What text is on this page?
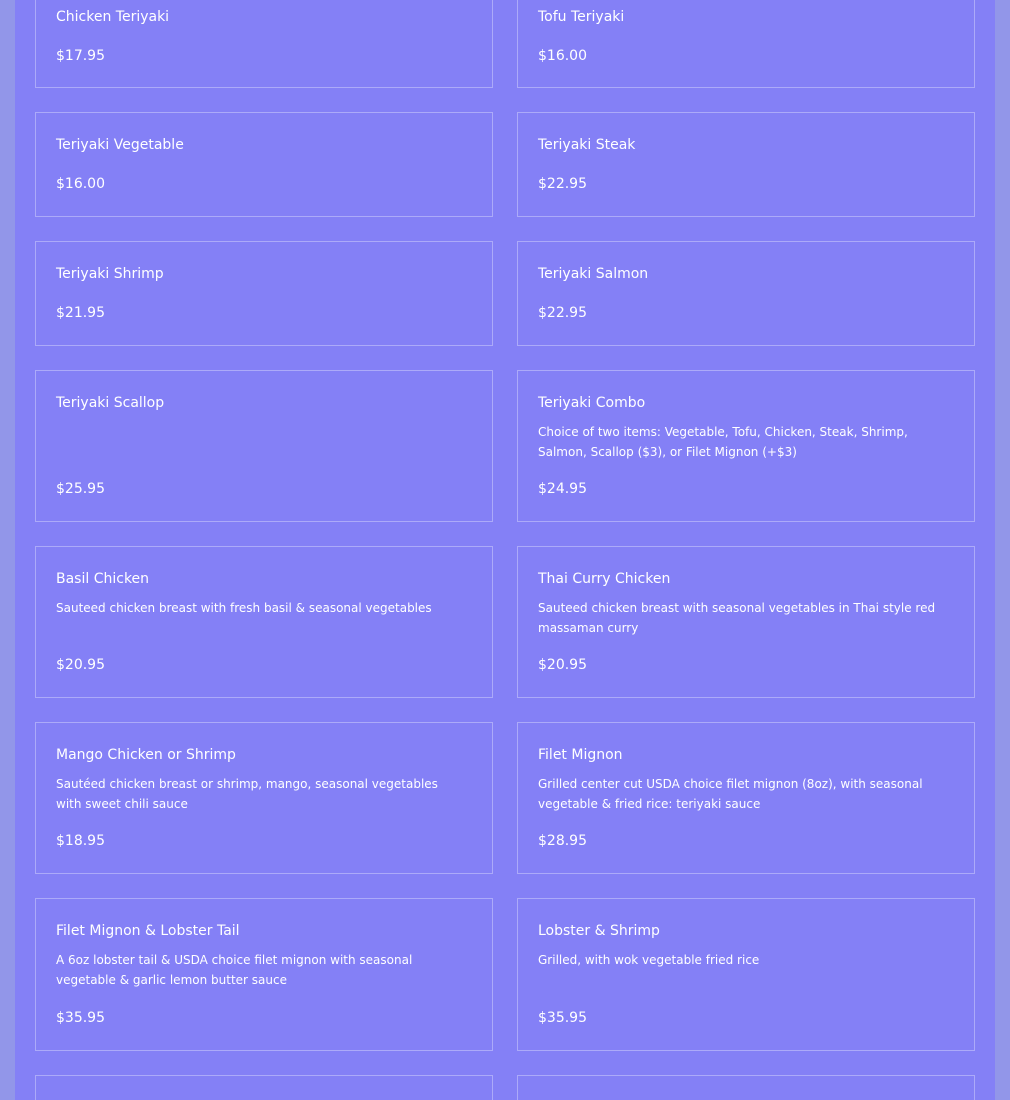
Chicken Teriyaki
$17.95
Tofu Teriyaki
$16.00
Teriyaki Vegetable
$16.00
Teriyaki Steak
$22.95
Teriyaki Shrimp
$21.95
Teriyaki Salmon
$22.95
Teriyaki Scallop
$25.95
Teriyaki Combo
Choice of two items: Vegetable, Tofu, Chicken, Steak, Shrimp, Salmon, Scallop ($3), or Filet Mignon (+$3)
$24.95
Basil Chicken
Sauteed chicken breast with fresh basil & seasonal vegetables
$20.95
Thai Curry Chicken
Sauteed chicken breast with seasonal vegetables in Thai style red massaman curry
$20.95
Mango Chicken or Shrimp
Sautéed chicken breast or shrimp, mango, seasonal vegetables with sweet chili sauce
$18.95
Filet Mignon
Grilled center cut USDA choice filet mignon (8oz), with seasonal vegetable & fried rice: teriyaki sauce
$28.95
Filet Mignon & Lobster Tail
A 6oz lobster tail & USDA choice filet mignon with seasonal vegetable & garlic lemon butter sauce
$35.95
Lobster & Shrimp
Grilled, with wok vegetable fried rice
$35.95
